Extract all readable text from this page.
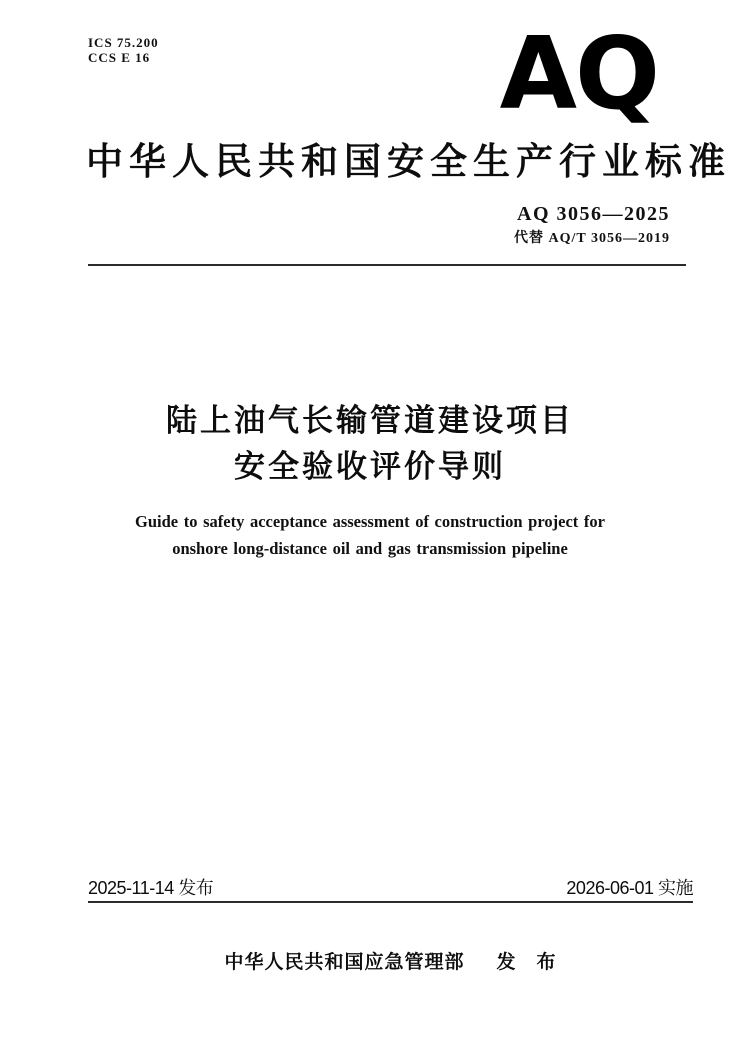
ICS 75.200
CCS E 16	AQ
中华人民共和国安全生产行业标准
AQ 3056—2025
代替 AQ/T 3056—2019
陆上油气长输管道建设项目
安全验收评价导则

Guide to safety acceptance assessment of construction project for
onshore long-distance oil and gas transmission pipeline

2025-11-14 发布	2026-06-01 实施
中华人民共和国应急管理部 发　布
